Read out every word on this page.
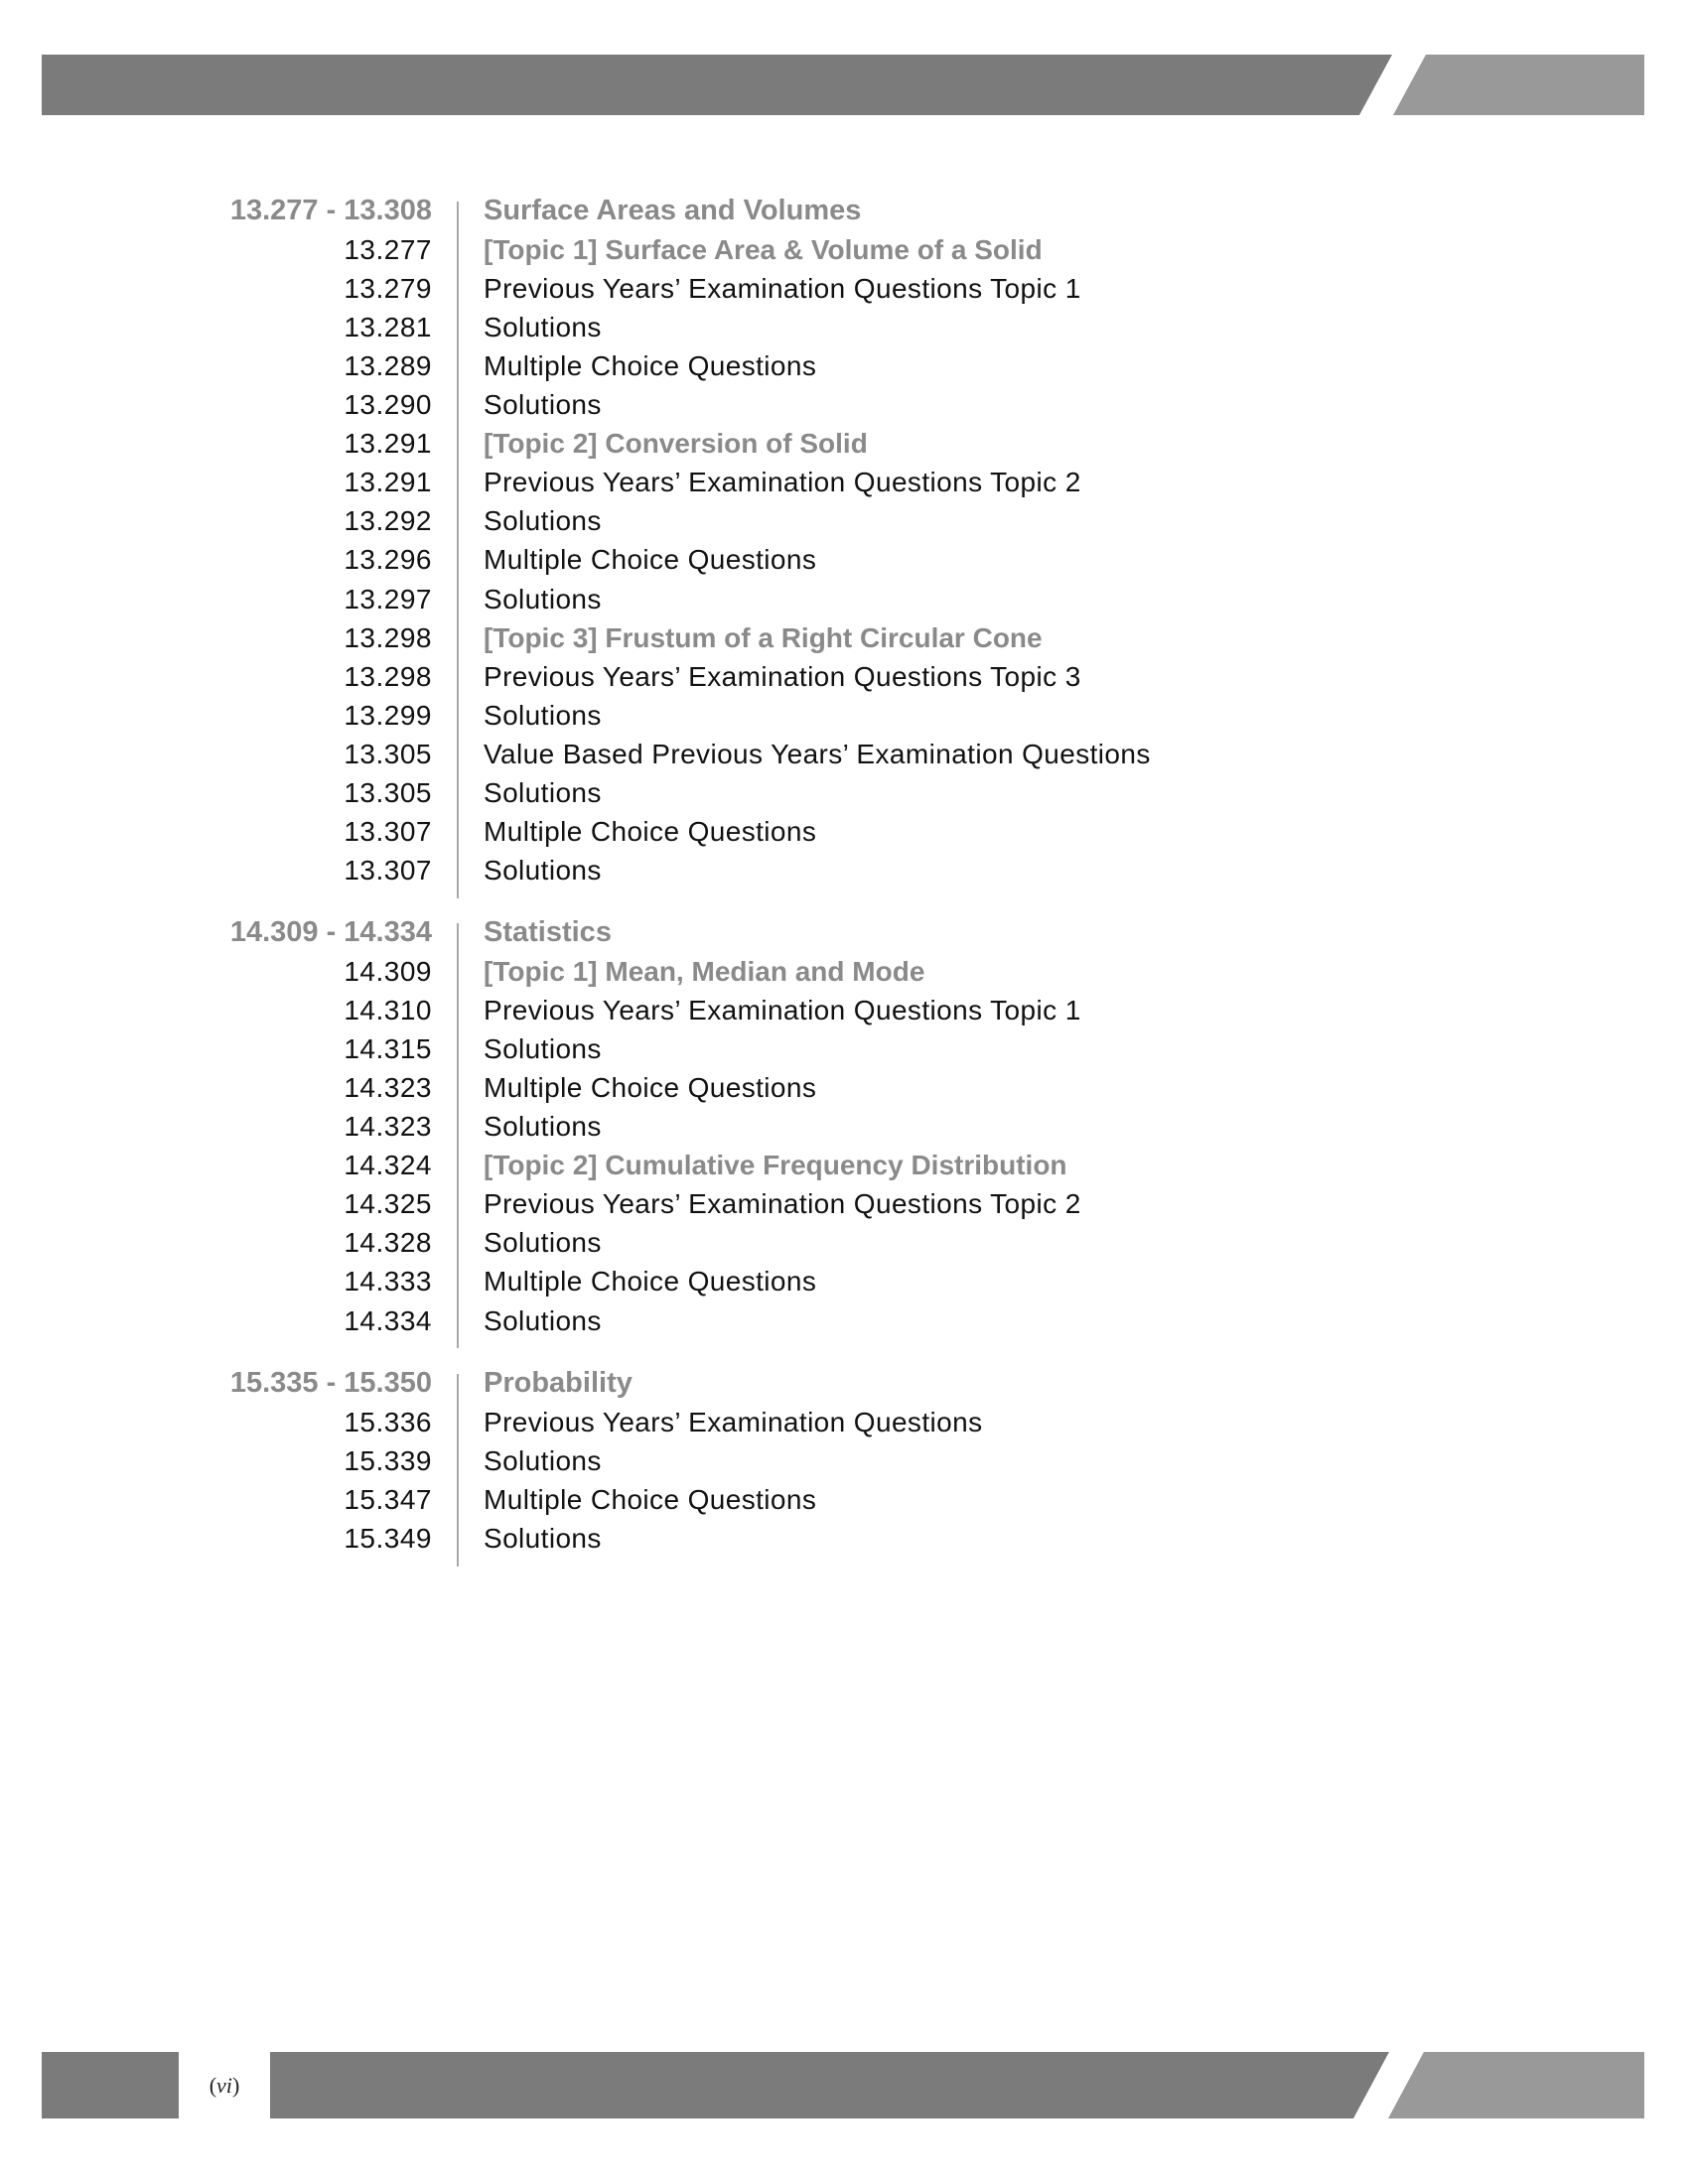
13.277 - 13.308 Surface Areas and Volumes
13.277 [Topic 1] Surface Area & Volume of a Solid
13.279 Previous Years’ Examination Questions Topic 1
13.281 Solutions
13.289 Multiple Choice Questions
13.290 Solutions
13.291 [Topic 2] Conversion of Solid
13.291 Previous Years’ Examination Questions Topic 2
13.292 Solutions
13.296 Multiple Choice Questions
13.297 Solutions
13.298 [Topic 3] Frustum of a Right Circular Cone
13.298 Previous Years’ Examination Questions Topic 3
13.299 Solutions
13.305 Value Based Previous Years’ Examination Questions
13.305 Solutions
13.307 Multiple Choice Questions
13.307 Solutions
14.309 - 14.334 Statistics
14.309 [Topic 1] Mean, Median and Mode
14.310 Previous Years’ Examination Questions Topic 1
14.315 Solutions
14.323 Multiple Choice Questions
14.323 Solutions
14.324 [Topic 2] Cumulative Frequency Distribution
14.325 Previous Years’ Examination Questions Topic 2
14.328 Solutions
14.333 Multiple Choice Questions
14.334 Solutions
15.335 - 15.350 Probability
15.336 Previous Years’ Examination Questions
15.339 Solutions
15.347 Multiple Choice Questions
15.349 Solutions
( vi )
